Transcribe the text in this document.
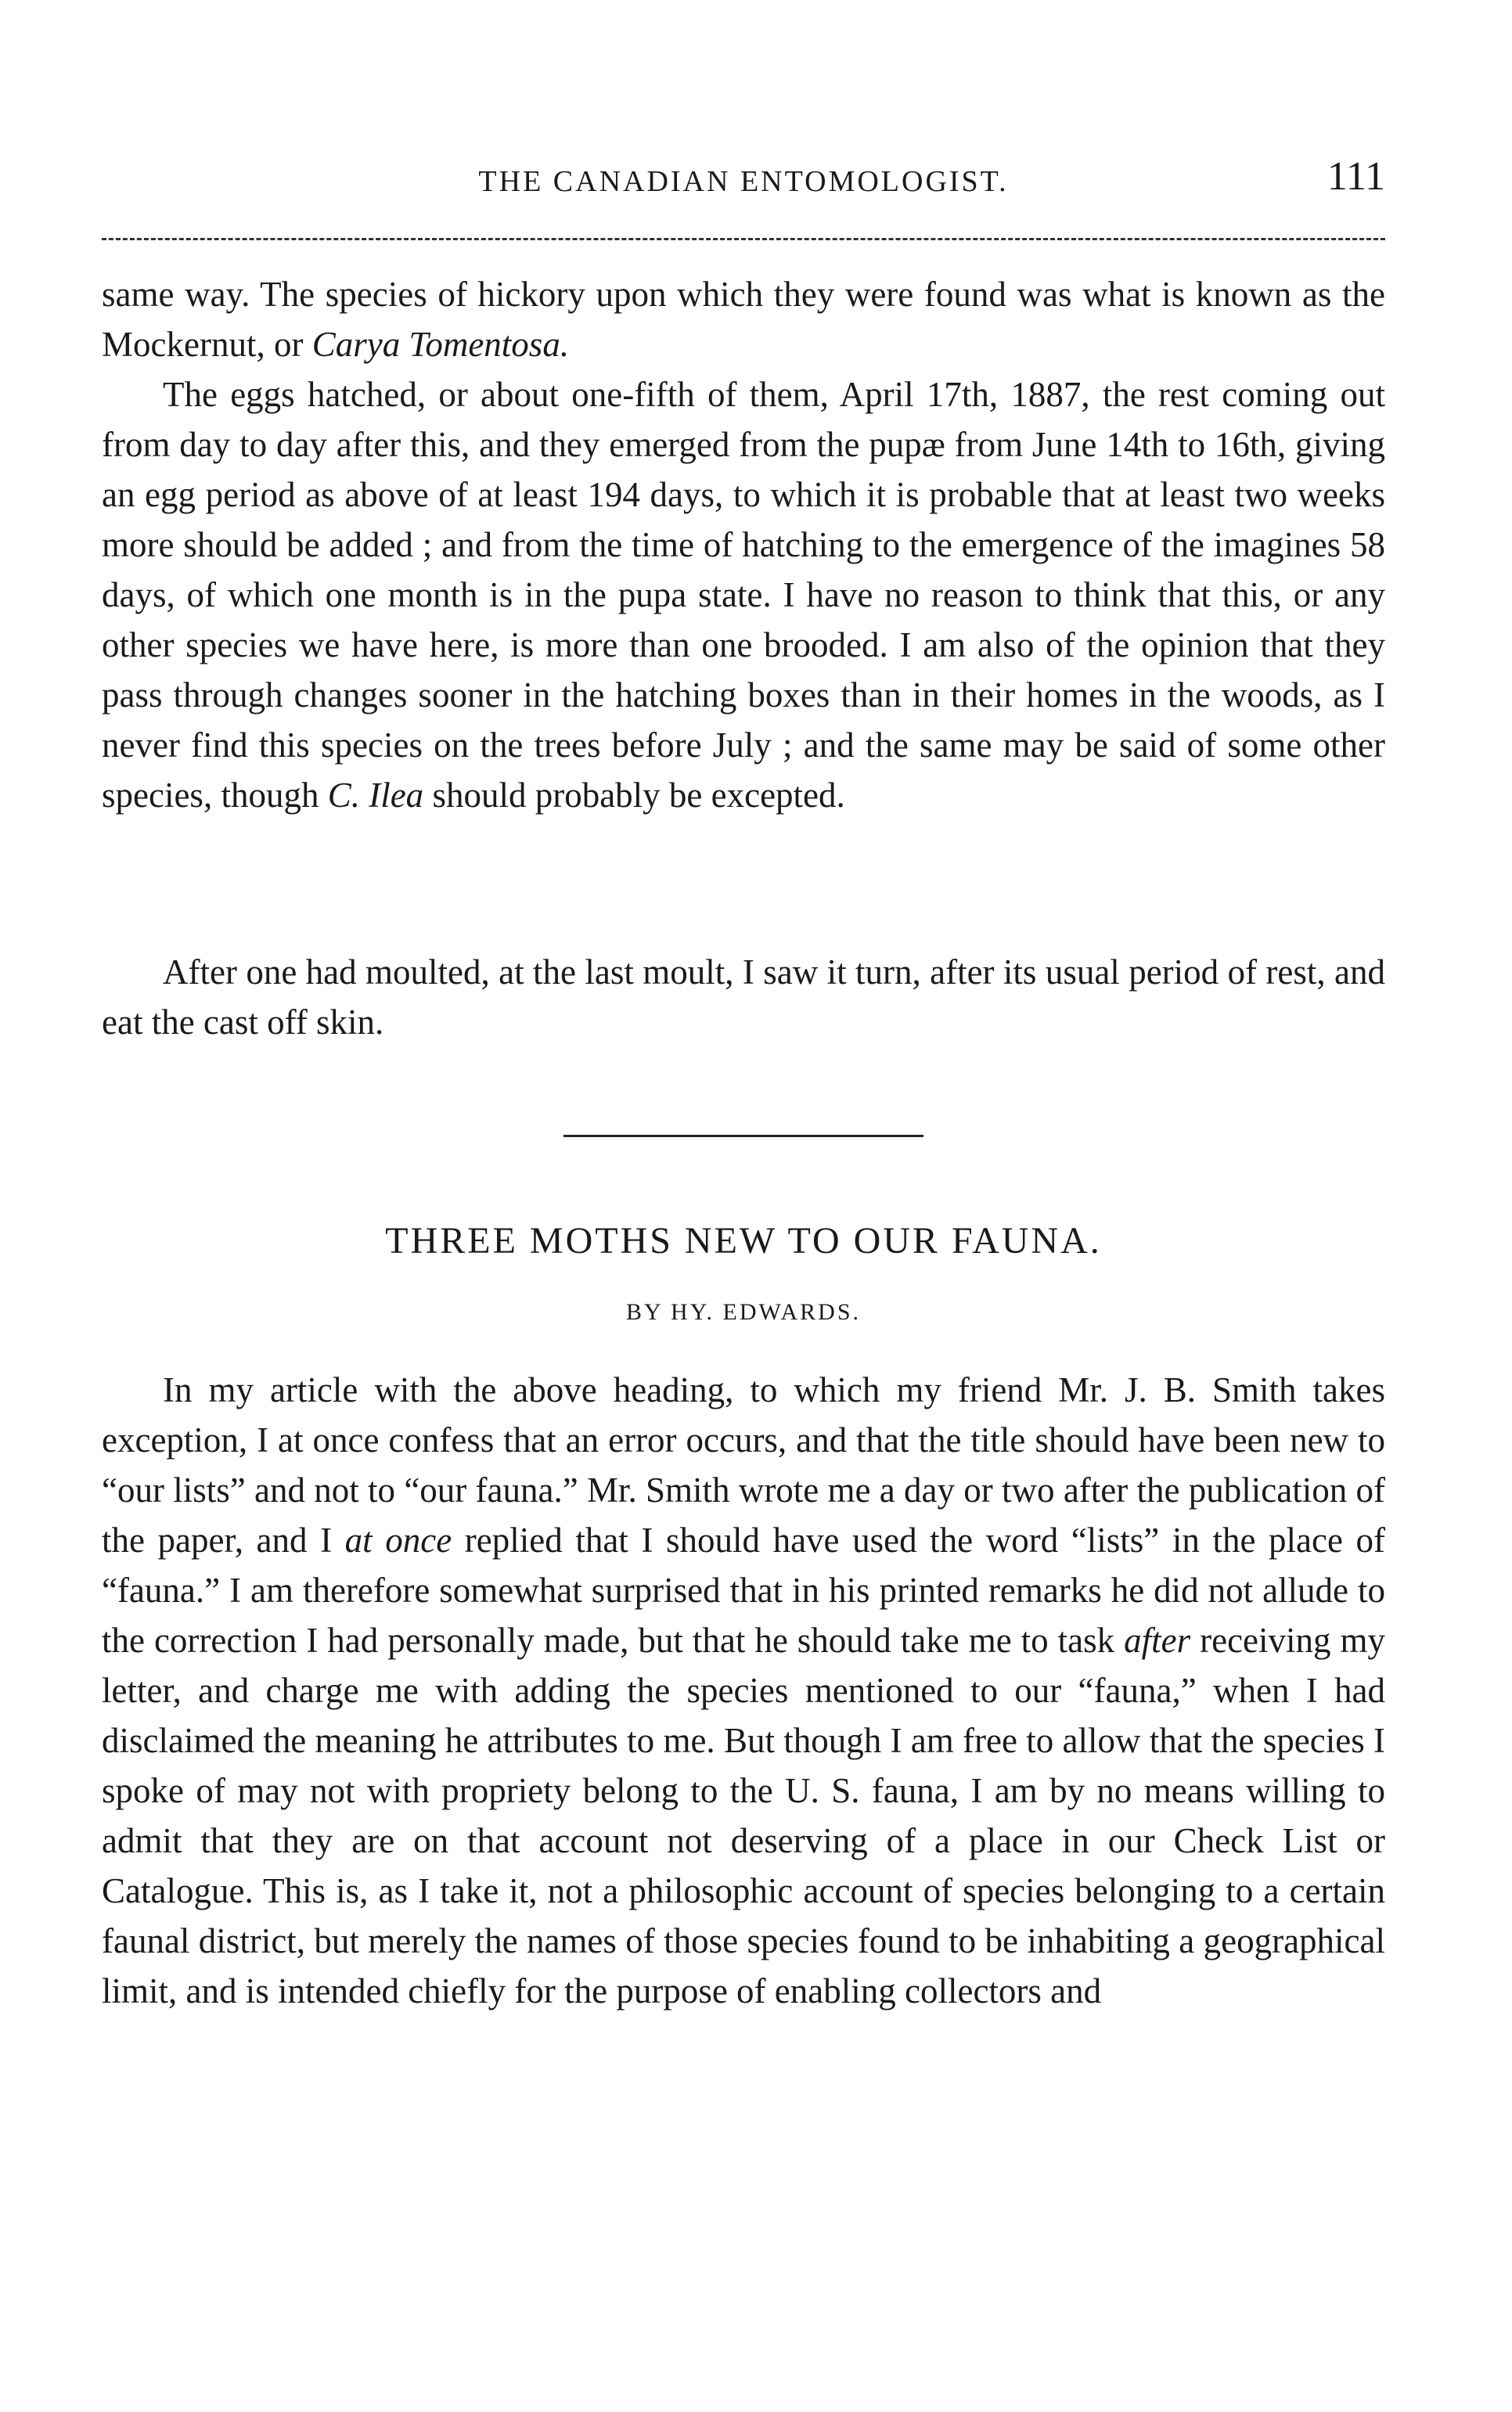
THE CANADIAN ENTOMOLOGIST.	111

same way. The species of hickory upon which they were found was what is known as the Mockernut, or Carya Tomentosa.

The eggs hatched, or about one-fifth of them, April 17th, 1887, the rest coming out from day to day after this, and they emerged from the pupæ from June 14th to 16th, giving an egg period as above of at least 194 days, to which it is probable that at least two weeks more should be added ; and from the time of hatching to the emergence of the imagines 58 days, of which one month is in the pupa state. I have no reason to think that this, or any other species we have here, is more than one brooded. I am also of the opinion that they pass through changes sooner in the hatching boxes than in their homes in the woods, as I never find this species on the trees before July ; and the same may be said of some other species, though C. Ilea should probably be excepted.

After one had moulted, at the last moult, I saw it turn, after its usual period of rest, and eat the cast off skin.

THREE MOTHS NEW TO OUR FAUNA.
BY HY. EDWARDS.

In my article with the above heading, to which my friend Mr. J. B. Smith takes exception, I at once confess that an error occurs, and that the title should have been new to “our lists” and not to “our fauna.” Mr. Smith wrote me a day or two after the publication of the paper, and I at once replied that I should have used the word “lists” in the place of “fauna.” I am therefore somewhat surprised that in his printed remarks he did not allude to the correction I had personally made, but that he should take me to task after receiving my letter, and charge me with adding the species mentioned to our “fauna,” when I had disclaimed the meaning he attributes to me. But though I am free to allow that the species I spoke of may not with propriety belong to the U. S. fauna, I am by no means willing to admit that they are on that account not deserving of a place in our Check List or Catalogue. This is, as I take it, not a philosophic account of species belonging to a certain faunal district, but merely the names of those species found to be inhabiting a geographical limit, and is intended chiefly for the purpose of enabling collectors and
